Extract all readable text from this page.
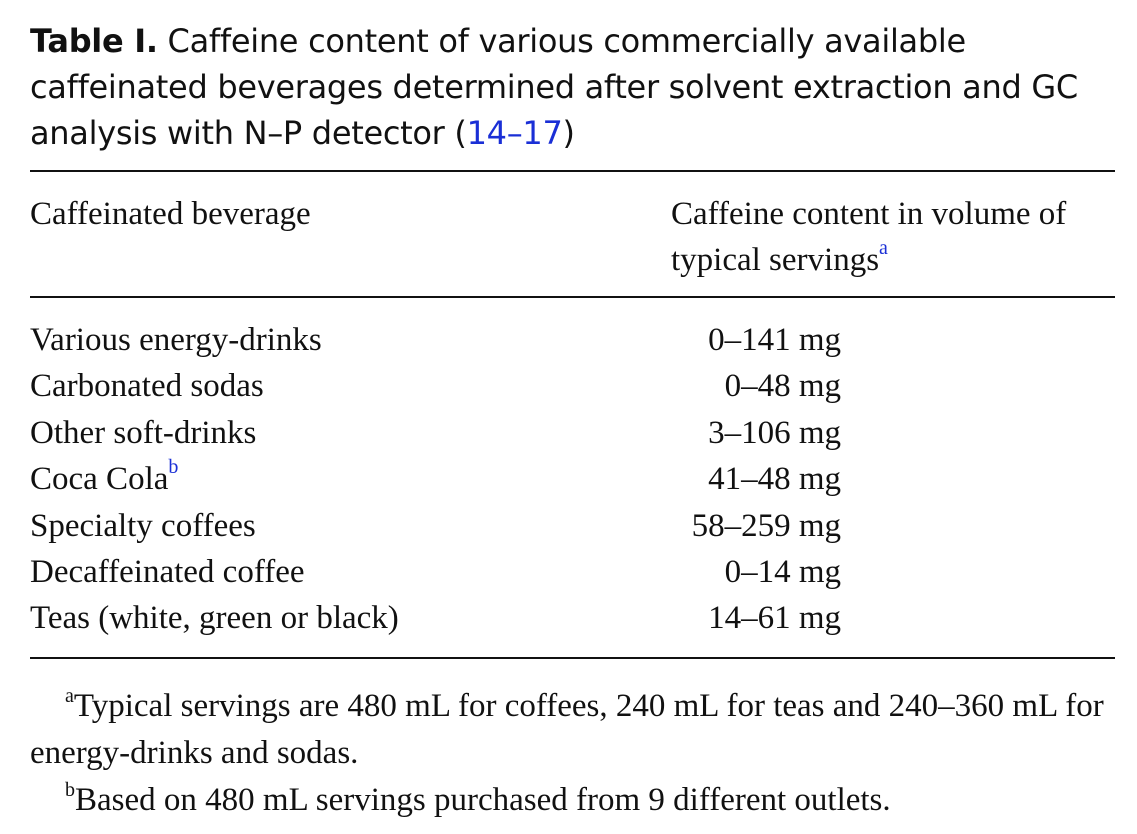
Table I. Caffeine content of various commercially available caffeinated beverages determined after solvent extraction and GC analysis with N–P detector (14–17)
Caffeinated beverage	Caffeine content in volume of typical servings$^a$
Various energy-drinks	0–141 mg
Carbonated sodas	0–48 mg
Other soft-drinks	3–106 mg
Coca Cola$^b$	41–48 mg
Specialty coffees	58–259 mg
Decaffeinated coffee	0–14 mg
Teas (white, green or black)	14–61 mg

$^a$Typical servings are 480 mL for coffees, 240 mL for teas and 240–360 mL for energy-drinks and sodas.

$^b$Based on 480 mL servings purchased from 9 different outlets.
